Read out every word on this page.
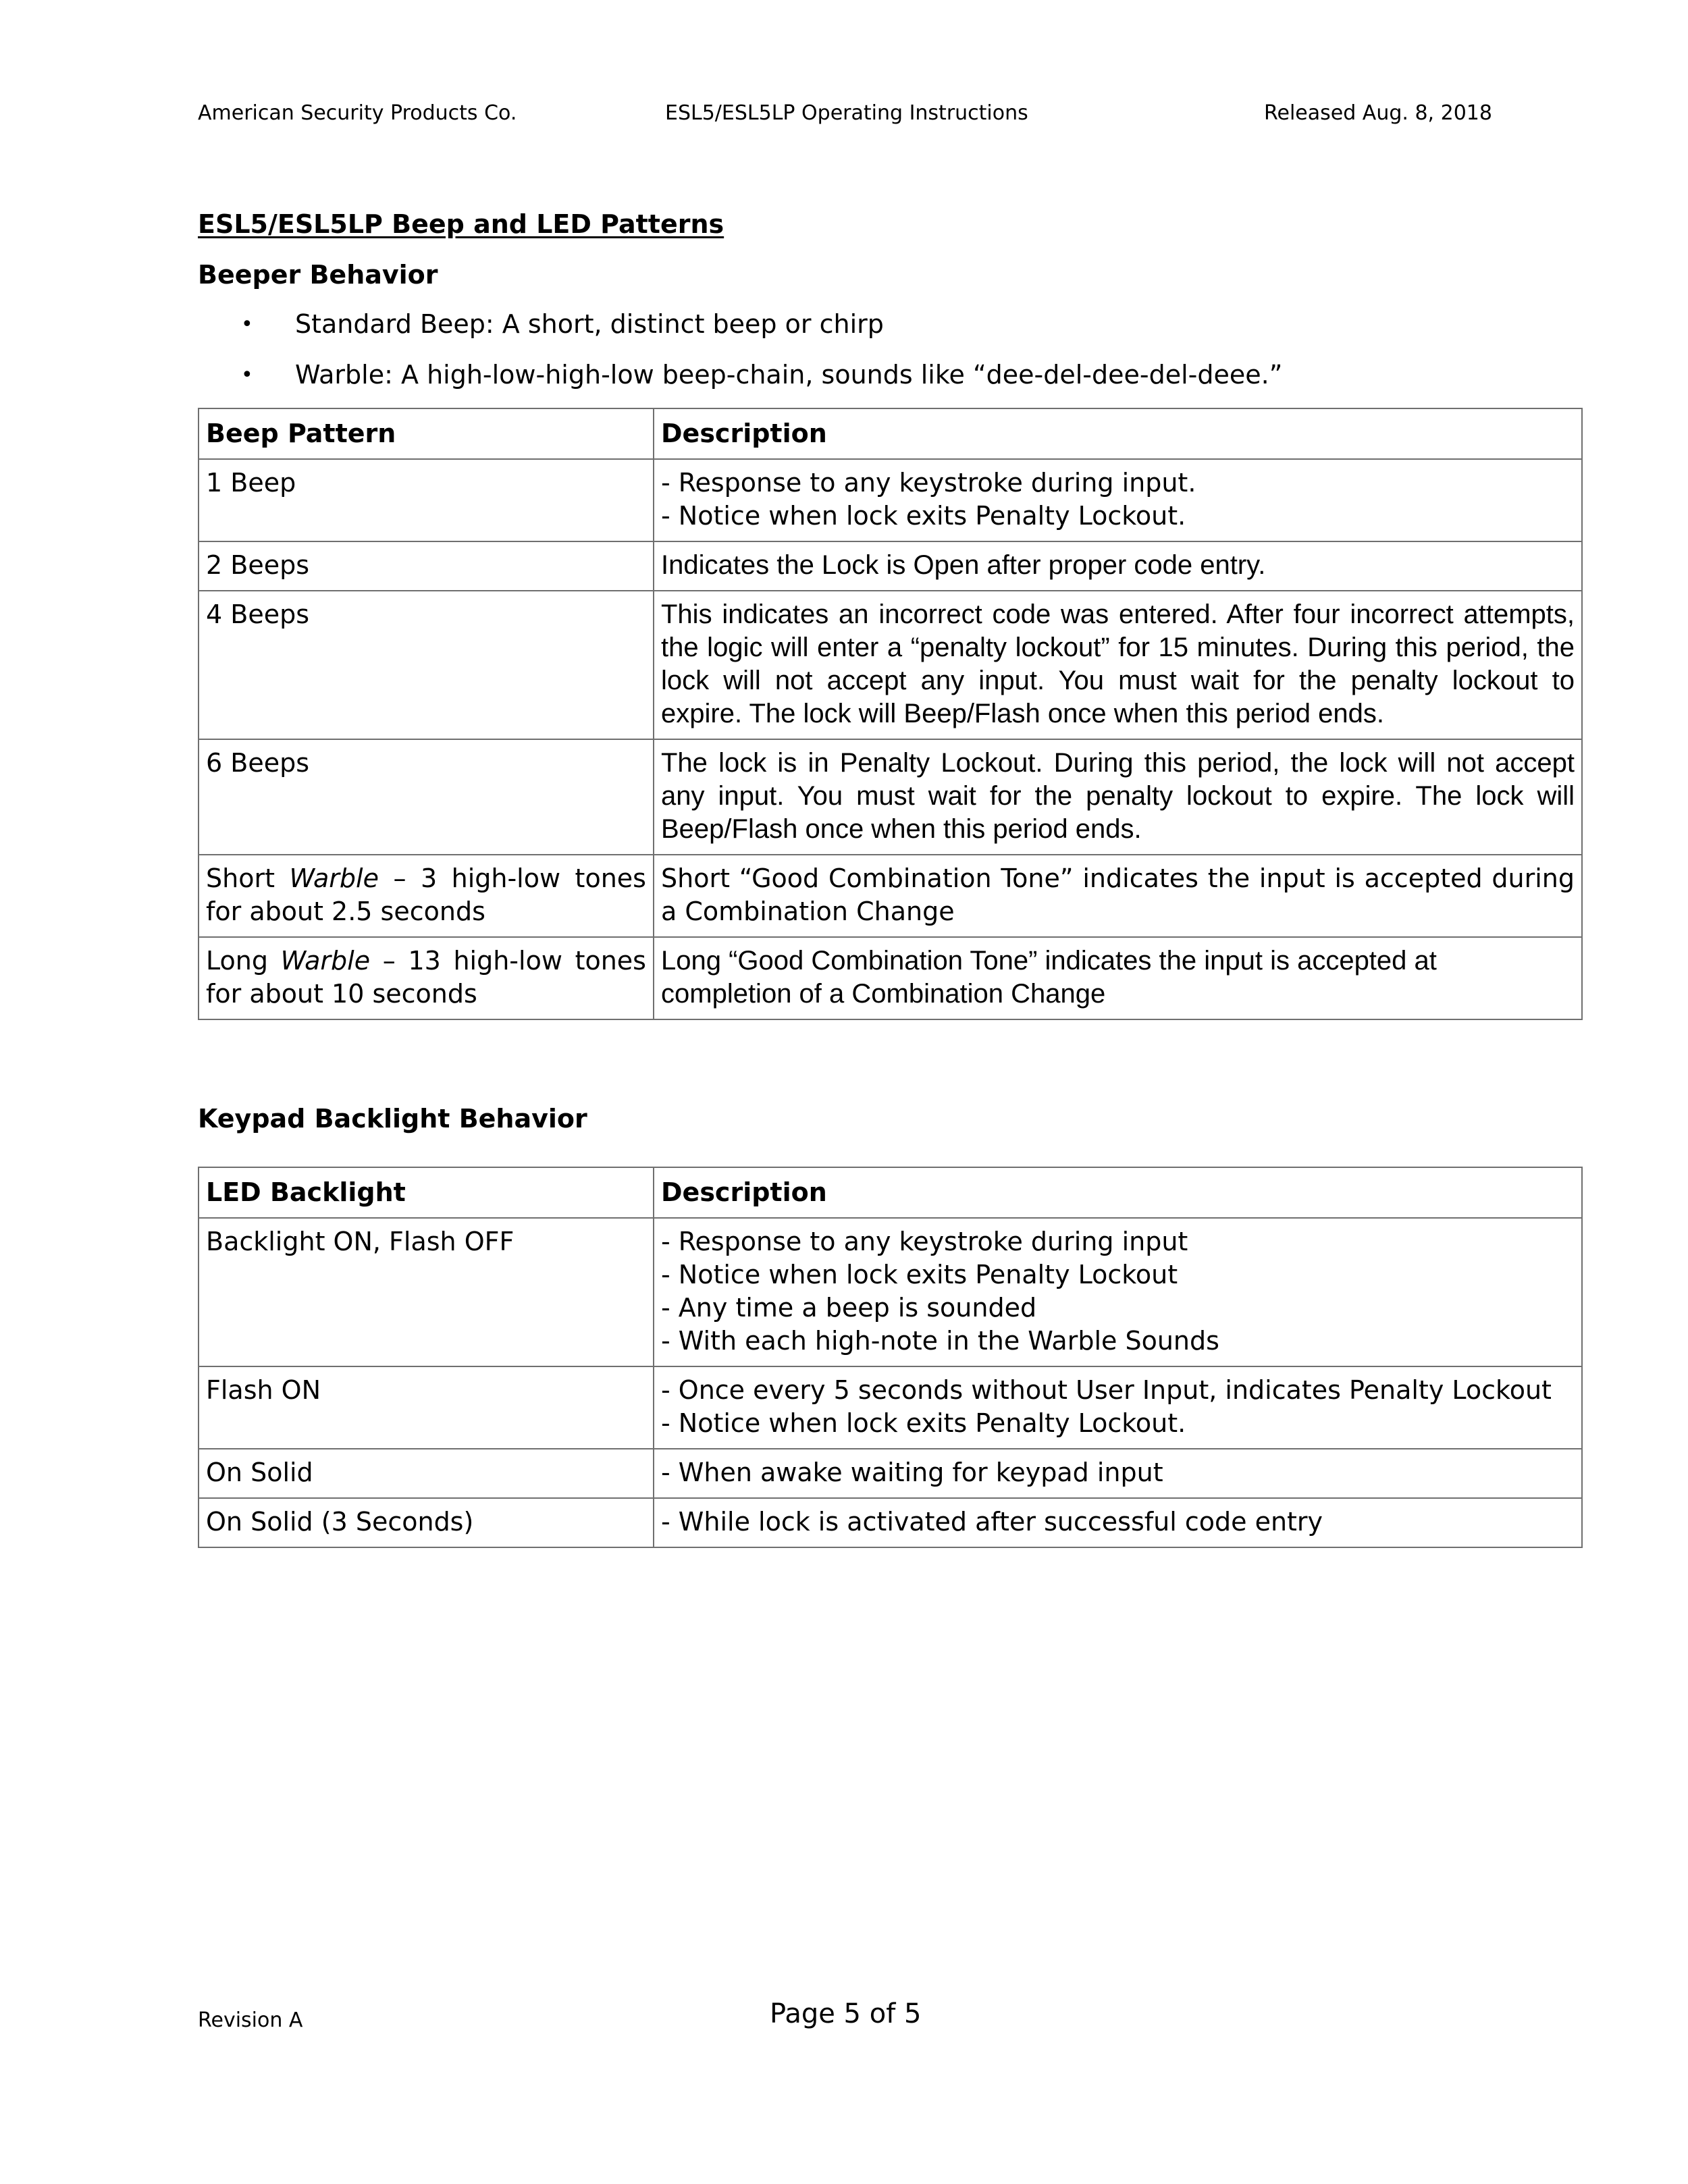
American Security Products Co.	ESL5/ESL5LP Operating Instructions	Released Aug. 8, 2018
ESL5/ESL5LP Beep and LED Patterns
Beeper Behavior
• Standard Beep: A short, distinct beep or chirp
• Warble: A high-low-high-low beep-chain, sounds like “dee-del-dee-del-deee.”
Beep Pattern	Description
1 Beep	- Response to any keystroke during input.
- Notice when lock exits Penalty Lockout.

2 Beeps	Indicates the Lock is Open after proper code entry.
4 Beeps	This indicates an incorrect code was entered. After four incorrect attempts, the logic will enter a “penalty lockout” for 15 minutes. During this period, the lock will not accept any input. You must wait for the penalty lockout to expire. The lock will Beep/Flash once when this period ends.
6 Beeps	The lock is in Penalty Lockout. During this period, the lock will not accept any input. You must wait for the penalty lockout to expire. The lock will Beep/Flash once when this period ends.
Short Warble – 3 high-low tones for about 2.5 seconds	Short “Good Combination Tone” indicates the input is accepted during a Combination Change
Long Warble – 13 high-low tones for about 10 seconds	Long “Good Combination Tone” indicates the input is accepted at completion of a Combination Change
Keypad Backlight Behavior
LED Backlight	Description
Backlight ON, Flash OFF	- Response to any keystroke during input
- Notice when lock exits Penalty Lockout
- Any time a beep is sounded
- With each high-note in the Warble Sounds

Flash ON	- Once every 5 seconds without User Input, indicates Penalty Lockout
- Notice when lock exits Penalty Lockout.

On Solid	- When awake waiting for keypad input

On Solid (3 Seconds)	- While lock is activated after successful code entry
Revision A	Page 5 of 5
